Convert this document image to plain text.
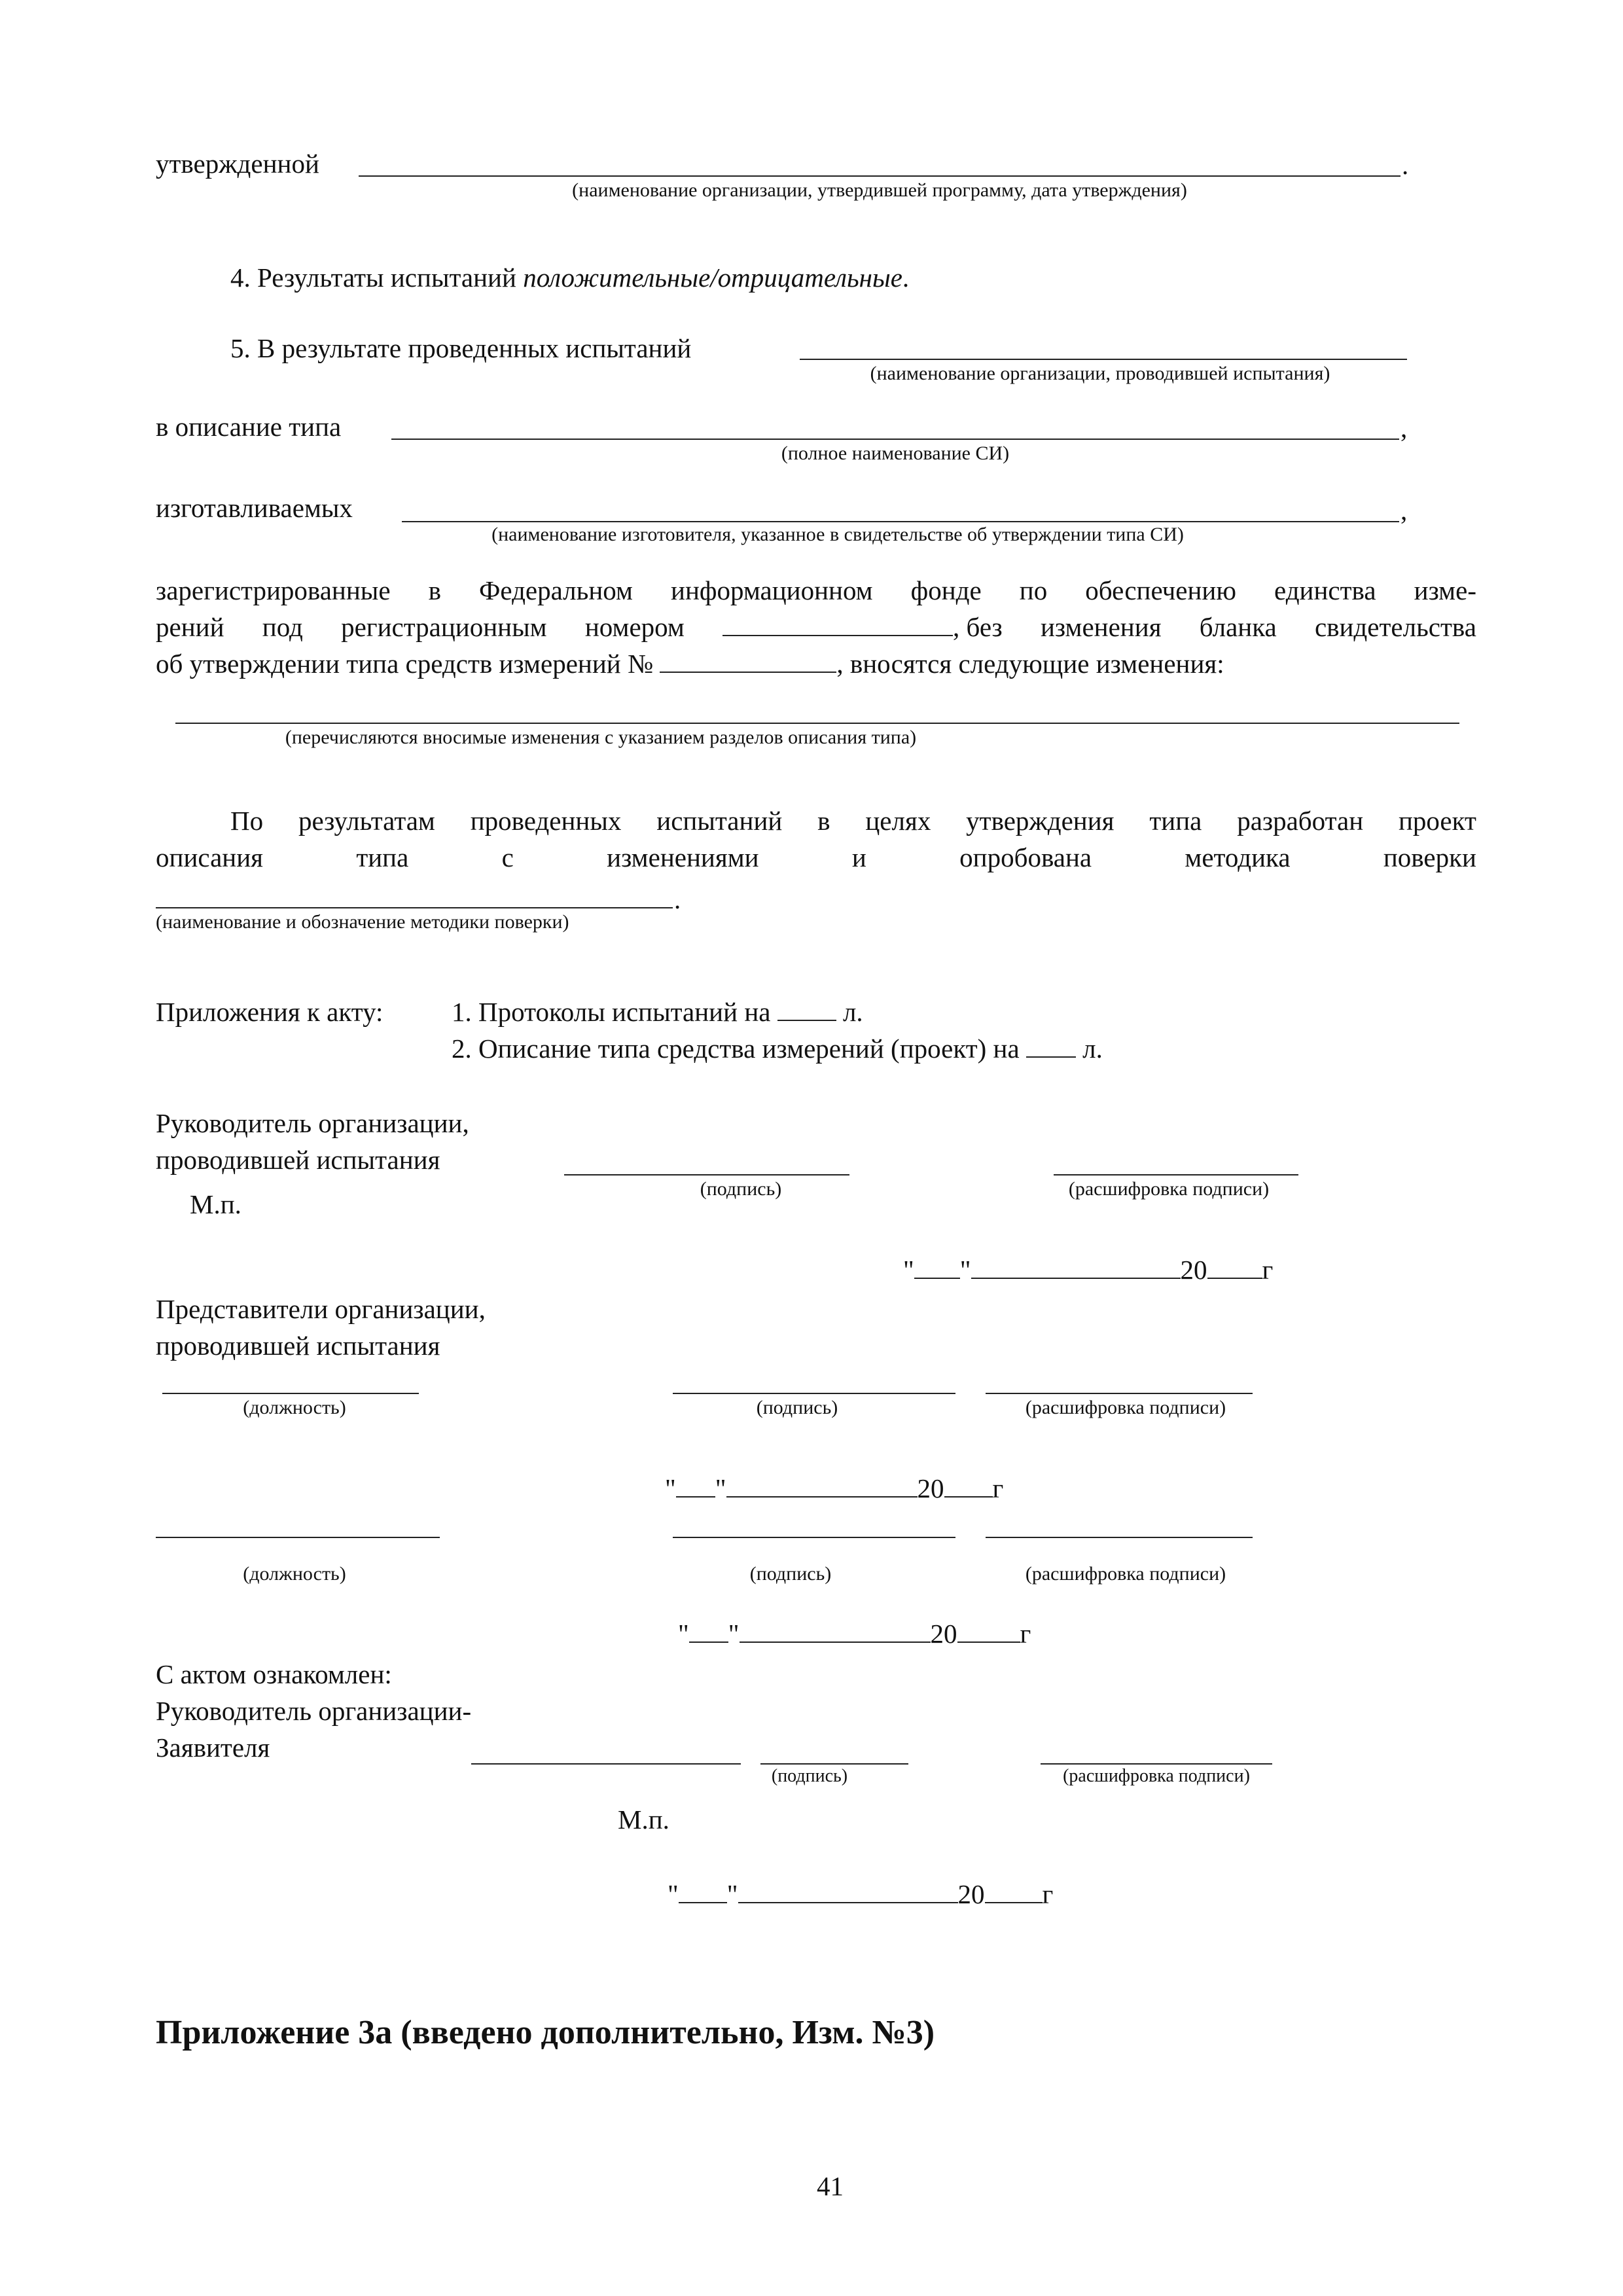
утвержденной	.
(наименование организации, утвердившей программу, дата утверждения)
4. Результаты испытаний положительные/отрицательные.
5. В результате проведенных испытаний
(наименование организации, проводившей испытания)
в описание типа	,
(полное наименование СИ)
изготавливаемых	,
(наименование изготовителя, указанное в свидетельстве об утверждении типа СИ)
зарегистрированные в Федеральном информационном фонде по обеспечению единства изме-
рений под регистрационным номером	, без изменения бланка свидетельства
об утверждении типа средств измерений №	, вносятся следующие изменения:
(перечисляются вносимые изменения с указанием разделов описания типа)
По результатам проведенных испытаний в целях утверждения типа разработан проект
описания	типа	с	изменениями	и	опробована	методика	поверки
.
(наименование и обозначение методики поверки)
Приложения к акту:	1. Протоколы испытаний на	л.
2. Описание типа средства измерений (проект) на л.
Руководитель организации,
проводившей испытания
(подпись)	(расшифровка подписи)
М.п.
" "	20 г
Представители организации,
проводившей испытания
(должность)	(подпись)	(расшифровка подписи)
" "	20 г
(должность)	(подпись)	(расшифровка подписи)
" "	20 г
С актом ознакомлен:
Руководитель организации-
Заявителя
(подпись)	(расшифровка подписи)
М.п.
" "	20 г
Приложение 3а (введено дополнительно, Изм. №3)
41
